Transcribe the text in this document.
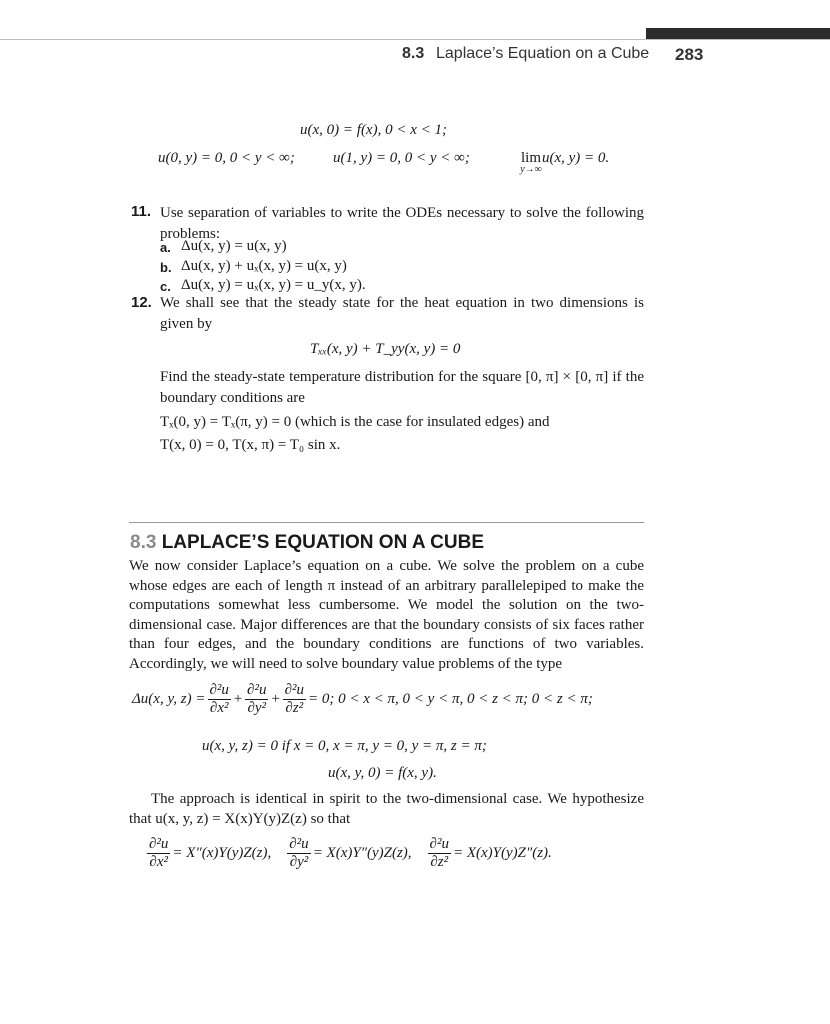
8.3 Laplace’s Equation on a Cube 283
u(x, 0) = f(x), 0 < x < 1;
u(0, y) = 0, 0 < y < ∞;	u(1, y) = 0, 0 < y < ∞;	lim
y→∞
u(x, y) = 0.
11. Use separation of variables to write the ODEs necessary to solve the following problems:
a. Δu(x, y) = u(x, y)
b. Δu(x, y) + uₓ(x, y) = u(x, y)
c. Δu(x, y) = uₓ(x, y) = u_y(x, y).
12. We shall see that the steady state for the heat equation in two dimensions is given by
Tₓₓ(x, y) + T_yy(x, y) = 0
Find the steady-state temperature distribution for the square [0, π] × [0, π] if the boundary conditions are
Tₓ(0, y) = Tₓ(π, y) = 0 (which is the case for insulated edges) and
T(x, 0) = 0, T(x, π) = T₀ sin x.
8.3 LAPLACE’S EQUATION ON A CUBE
We now consider Laplace’s equation on a cube. We solve the problem on a cube whose edges are each of length π instead of an arbitrary parallelepiped to make the computations somewhat less cumbersome. We model the solution on the two-dimensional case. Major differences are that the boundary consists of six faces rather than four edges, and the boundary conditions are functions of two variables. Accordingly, we will need to solve boundary value problems of the type
Δu(x, y, $z) = \frac{\text{∂²u}}{\text{∂x²}} + \frac{\text{∂²u}}{\text{∂y²}} + \frac{\text{∂²u}}{\text{∂z²}} = 0$; 0 < x < π, 0 < y < π, 0 < z < π; 0 < z < π;
u(x, y, z) = 0 if x = 0, x = π, y = 0, y = π, z = π;
u(x, y, 0) = f(x, y).
The approach is identical in spirit to the two-dimensional case. We hypothesize that u(x, y, z) = X(x)Y(y)Z(z) so that
$\frac{\text{∂²u}}{\text{∂x²}} = X''(x)Y(y)Z(z)$, $\frac{\text{∂²u}}{\text{∂y²}} = X(x)Y''(y)Z(z)$, $\frac{\text{∂²u}}{\text{∂z²}} = X(x)Y(y)Z''(z)$.
